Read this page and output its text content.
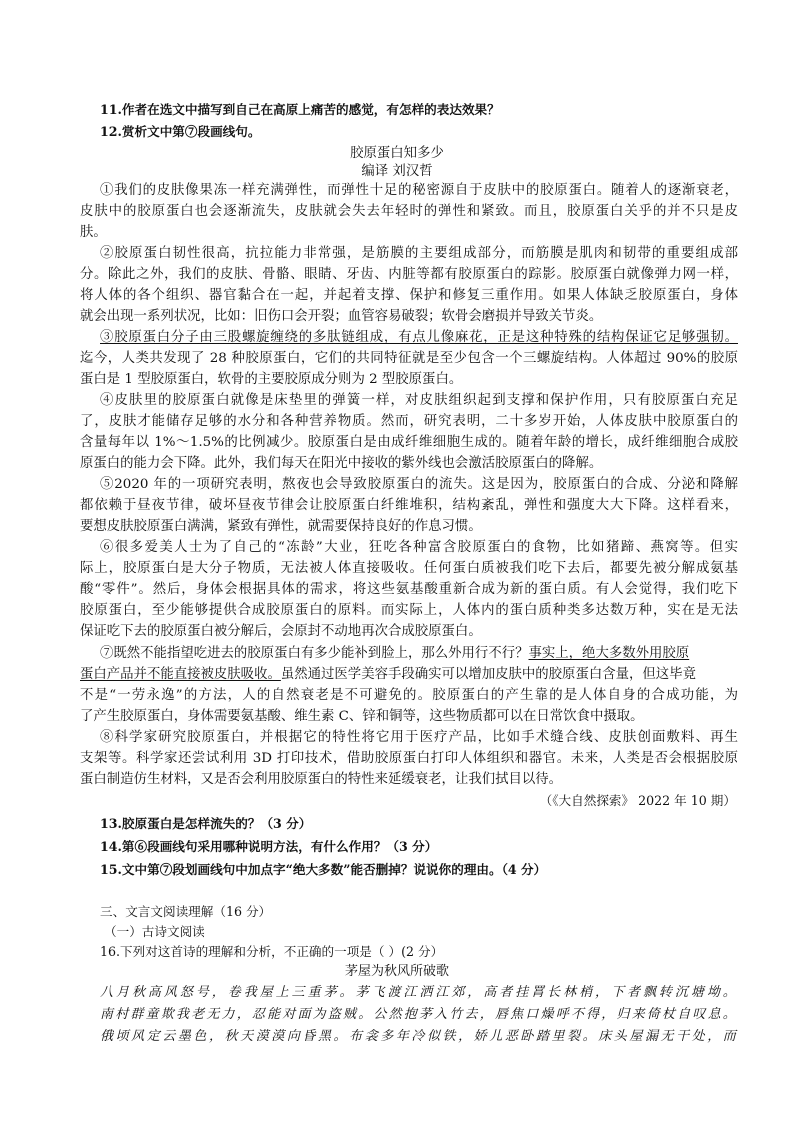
11.作者在选文中描写到自己在高原上痛苦的感觉，有怎样的表达效果？
12.赏析文中第⑦段画线句。
胶原蛋白知多少
编译 刘汉哲
①我们的皮肤像果冻一样充满弹性，而弹性十足的秘密源自于皮肤中的胶原蛋白。随着人的逐渐衰老，
皮肤中的胶原蛋白也会逐渐流失，皮肤就会失去年轻时的弹性和紧致。而且，胶原蛋白关乎的并不只是皮
肤。
②胶原蛋白韧性很高，抗拉能力非常强，是筋膜的主要组成部分，而筋膜是肌肉和韧带的重要组成部
分。除此之外，我们的皮肤、骨骼、眼睛、牙齿、内脏等都有胶原蛋白的踪影。胶原蛋白就像弹力网一样，
将人体的各个组织、器官黏合在一起，并起着支撑、保护和修复三重作用。如果人体缺乏胶原蛋白，身体
就会出现一系列状况，比如：旧伤口会开裂；血管容易破裂；软骨会磨损并导致关节炎。
③胶原蛋白分子由三股螺旋缠绕的多肽链组成，有点儿像麻花，正是这种特殊的结构保证它足够强韧。
迄今，人类共发现了 28 种胶原蛋白，它们的共同特征就是至少包含一个三螺旋结构。人体超过 90%的胶原
蛋白是 1 型胶原蛋白，软骨的主要胶原成分则为 2 型胶原蛋白。
④皮肤里的胶原蛋白就像是床垫里的弹簧一样，对皮肤组织起到支撑和保护作用，只有胶原蛋白充足
了，皮肤才能储存足够的水分和各种营养物质。然而，研究表明，二十多岁开始，人体皮肤中胶原蛋白的
含量每年以 1%～1.5%的比例减少。胶原蛋白是由成纤维细胞生成的。随着年龄的增长，成纤维细胞合成胶
原蛋白的能力会下降。此外，我们每天在阳光中接收的紫外线也会激活胶原蛋白的降解。
⑤2020 年的一项研究表明，熬夜也会导致胶原蛋白的流失。这是因为，胶原蛋白的合成、分泌和降解
都依赖于昼夜节律，破坏昼夜节律会让胶原蛋白纤维堆积，结构紊乱，弹性和强度大大下降。这样看来，
要想皮肤胶原蛋白满满，紧致有弹性，就需要保持良好的作息习惯。
⑥很多爱美人士为了自己的“冻龄”大业，狂吃各种富含胶原蛋白的食物，比如猪蹄、燕窝等。但实
际上，胶原蛋白是大分子物质，无法被人体直接吸收。任何蛋白质被我们吃下去后，都要先被分解成氨基
酸“零件”。然后，身体会根据具体的需求，将这些氨基酸重新合成为新的蛋白质。有人会觉得，我们吃下
胶原蛋白，至少能够提供合成胶原蛋白的原料。而实际上，人体内的蛋白质种类多达数万种，实在是无法
保证吃下去的胶原蛋白被分解后，会原封不动地再次合成胶原蛋白。
⑦既然不能指望吃进去的胶原蛋白有多少能补到脸上，那么外用行不行？事实上，绝大多数外用胶原
蛋白产品并不能直接被皮肤吸收。虽然通过医学美容手段确实可以增加皮肤中的胶原蛋白含量，但这毕竟
不是“一劳永逸”的方法，人的自然衰老是不可避免的。胶原蛋白的产生靠的是人体自身的合成功能，为
了产生胶原蛋白，身体需要氨基酸、维生素 C、锌和铜等，这些物质都可以在日常饮食中摄取。
⑧科学家研究胶原蛋白，并根据它的特性将它用于医疗产品，比如手术缝合线、皮肤创面敷料、再生
支架等。科学家还尝试利用 3D 打印技术，借助胶原蛋白打印人体组织和器官。未来，人类是否会根据胶原
蛋白制造仿生材料，又是否会利用胶原蛋白的特性来延缓衰老，让我们拭目以待。
（《大自然探索》 2022 年 10 期）
13.胶原蛋白是怎样流失的？（3 分）
14.第⑥段画线句采用哪种说明方法，有什么作用？（3 分）
15.文中第⑦段划画线句中加点字“绝大多数”能否删掉？说说你的理由。（4 分）
三、文言文阅读理解（16 分）
（一）古诗文阅读
16.下列对这首诗的理解和分析，不正确的一项是（ ）(2 分）
茅屋为秋风所破歌
八月秋高风怒号，卷我屋上三重茅。茅飞渡江洒江郊，高者挂罥长林梢，下者飘转沉塘坳。
南村群童欺我老无力，忍能对面为盗贼。公然抱茅入竹去，唇焦口燥呼不得，归来倚杖自叹息。
俄顷风定云墨色，秋天漠漠向昏黑。布衾多年冷似铁，娇儿恶卧踏里裂。床头屋漏无干处，而
